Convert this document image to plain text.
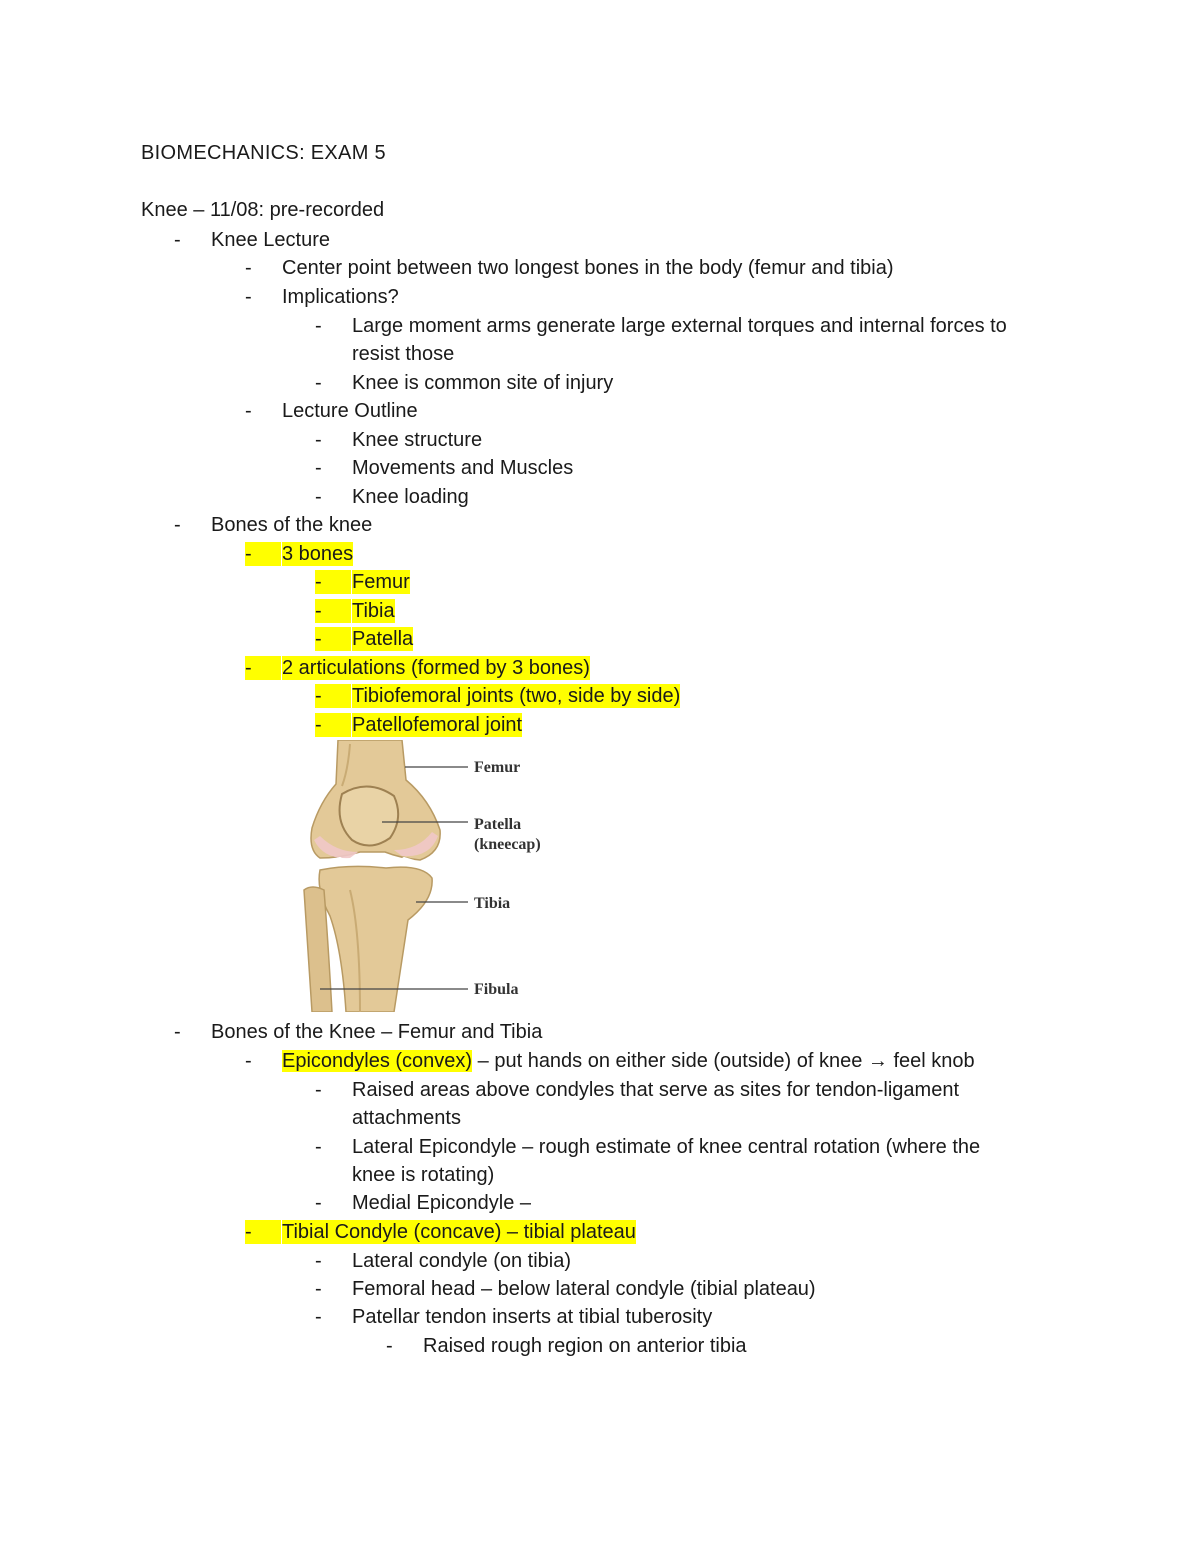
BIOMECHANICS: EXAM 5
Knee – 11/08: pre-recorded
- Knee Lecture
- Center point between two longest bones in the body (femur and tibia)
- Implications?
- Large moment arms generate large external torques and internal forces to
resist those
- Knee is common site of injury
- Lecture Outline
- Knee structure
- Movements and Muscles
- Knee loading
- Bones of the knee
-	3 bones
-	Femur
-	Tibia
-	Patella
-	2 articulations (formed by 3 bones)
-	Tibiofemoral joints (two, side by side)
-	Patellofemoral joint
Femur
Patella
(kneecap)
Tibia
Fibula
- Bones of the Knee – Femur and Tibia
- Epicondyles (convex) – put hands on either side (outside) of knee → feel knob
- Raised areas above condyles that serve as sites for tendon-ligament
attachments
- Lateral Epicondyle – rough estimate of knee central rotation (where the
knee is rotating)
- Medial Epicondyle –
-	Tibial Condyle (concave) – tibial plateau
- Lateral condyle (on tibia)
- Femoral head – below lateral condyle (tibial plateau)
- Patellar tendon inserts at tibial tuberosity
- Raised rough region on anterior tibia
